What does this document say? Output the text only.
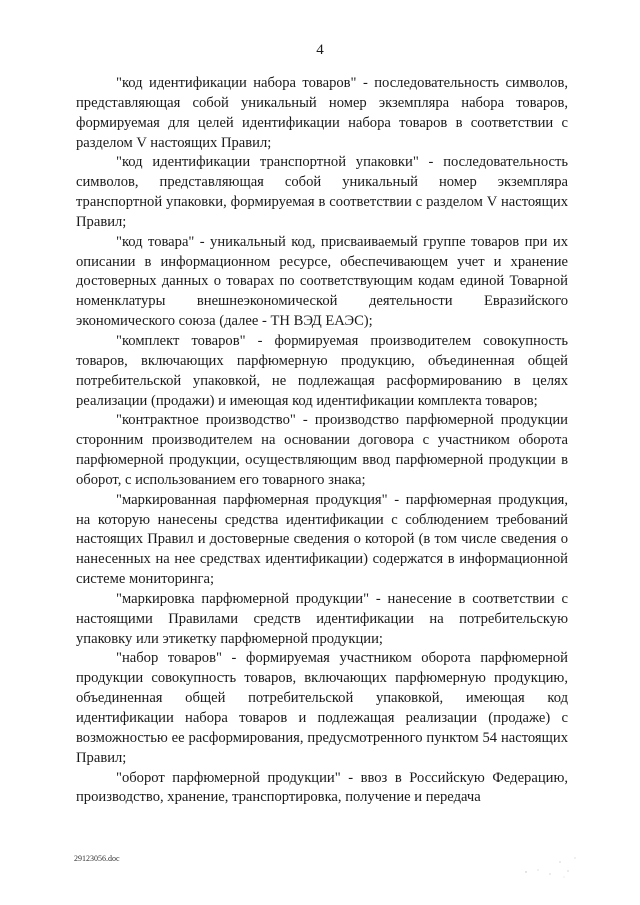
4

"код идентификации набора товаров" - последовательность символов, представляющая собой уникальный номер экземпляра набора товаров, формируемая для целей идентификации набора товаров в соответствии с разделом V настоящих Правил;

"код идентификации транспортной упаковки" - последовательность символов, представляющая собой уникальный номер экземпляра транспортной упаковки, формируемая в соответствии с разделом V настоящих Правил;

"код товара" - уникальный код, присваиваемый группе товаров при их описании в информационном ресурсе, обеспечивающем учет и хранение достоверных данных о товарах по соответствующим кодам единой Товарной номенклатуры внешнеэкономической деятельности Евразийского экономического союза (далее - ТН ВЭД ЕАЭС);

"комплект товаров" - формируемая производителем совокупность товаров, включающих парфюмерную продукцию, объединенная общей потребительской упаковкой, не подлежащая расформированию в целях реализации (продажи) и имеющая код идентификации комплекта товаров;

"контрактное производство" - производство парфюмерной продукции сторонним производителем на основании договора с участником оборота парфюмерной продукции, осуществляющим ввод парфюмерной продукции в оборот, с использованием его товарного знака;

"маркированная парфюмерная продукция" - парфюмерная продукция, на которую нанесены средства идентификации с соблюдением требований настоящих Правил и достоверные сведения о которой (в том числе сведения о нанесенных на нее средствах идентификации) содержатся в информационной системе мониторинга;

"маркировка парфюмерной продукции" - нанесение в соответствии с настоящими Правилами средств идентификации на потребительскую упаковку или этикетку парфюмерной продукции;

"набор товаров" - формируемая участником оборота парфюмерной продукции совокупность товаров, включающих парфюмерную продукцию, объединенная общей потребительской упаковкой, имеющая код идентификации набора товаров и подлежащая реализации (продаже) с возможностью ее расформирования, предусмотренного пунктом 54 настоящих Правил;

"оборот парфюмерной продукции" - ввоз в Российскую Федерацию, производство, хранение, транспортировка, получение и передача

29123056.doc
